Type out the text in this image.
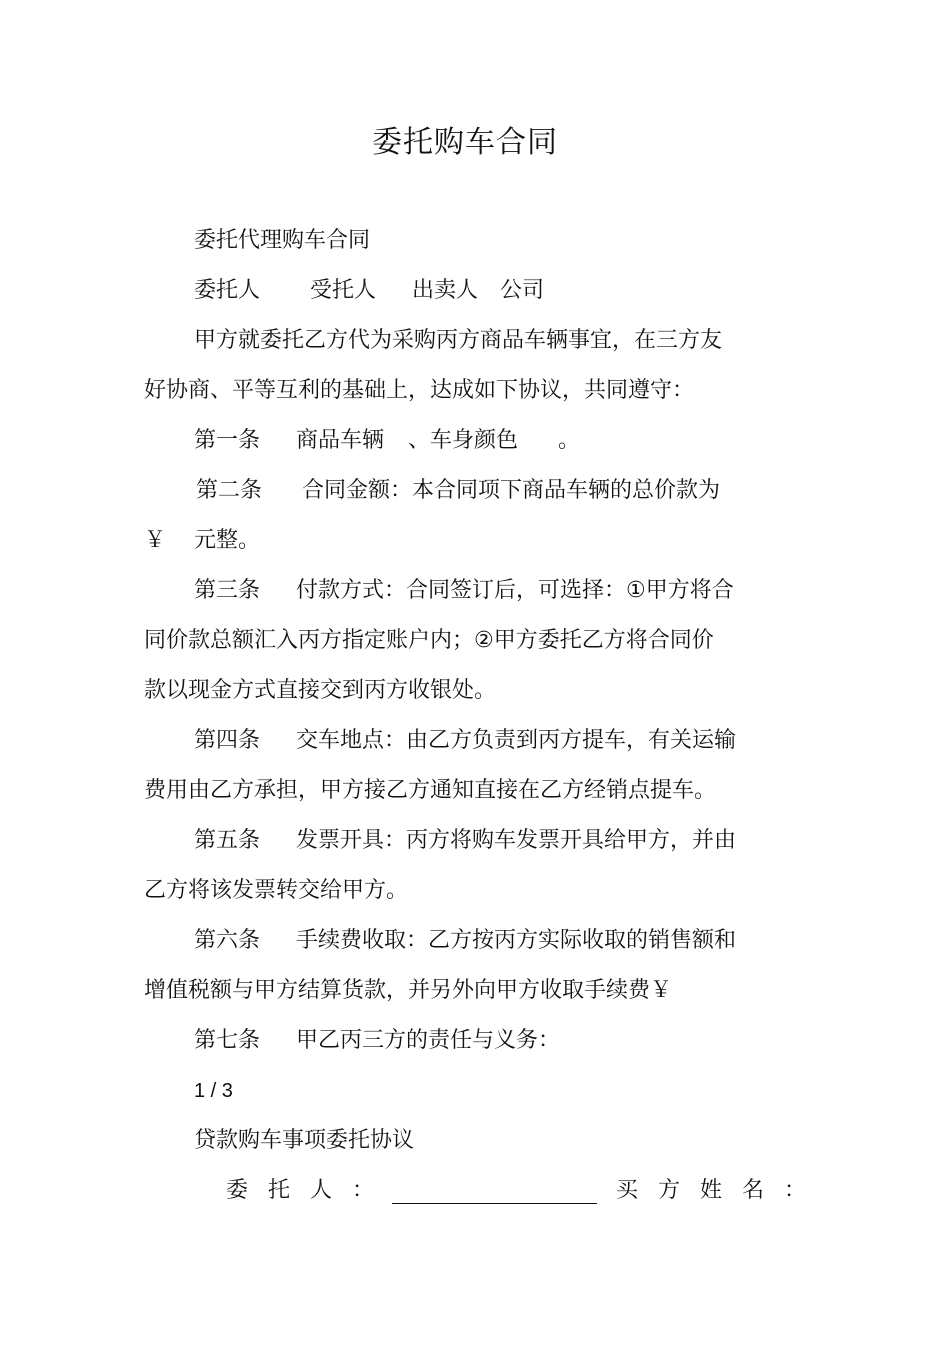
委托购车合同
委托代理购车合同
委托人 受托人 出卖人 公司
甲方就委托乙方代为采购丙方商品车辆事宜，在三方友
好协商、平等互利的基础上，达成如下协议，共同遵守：
第一条 商品车辆 、车身颜色 。
第二条 合同金额：本合同项下商品车辆的总价款为
￥ 元整。
第三条 付款方式：合同签订后，可选择：①甲方将合
同价款总额汇入丙方指定账户内；②甲方委托乙方将合同价
款以现金方式直接交到丙方收银处。
第四条 交车地点：由乙方负责到丙方提车，有关运输
费用由乙方承担，甲方接乙方通知直接在乙方经销点提车。
第五条 发票开具：丙方将购车发票开具给甲方，并由
乙方将该发票转交给甲方。
第六条 手续费收取：乙方按丙方实际收取的销售额和
增值税额与甲方结算货款，并另外向甲方收取手续费￥
第七条 甲乙丙三方的责任与义务：
1 / 3
贷款购车事项委托协议
委 托 人 ：	买 方 姓 名 ：
